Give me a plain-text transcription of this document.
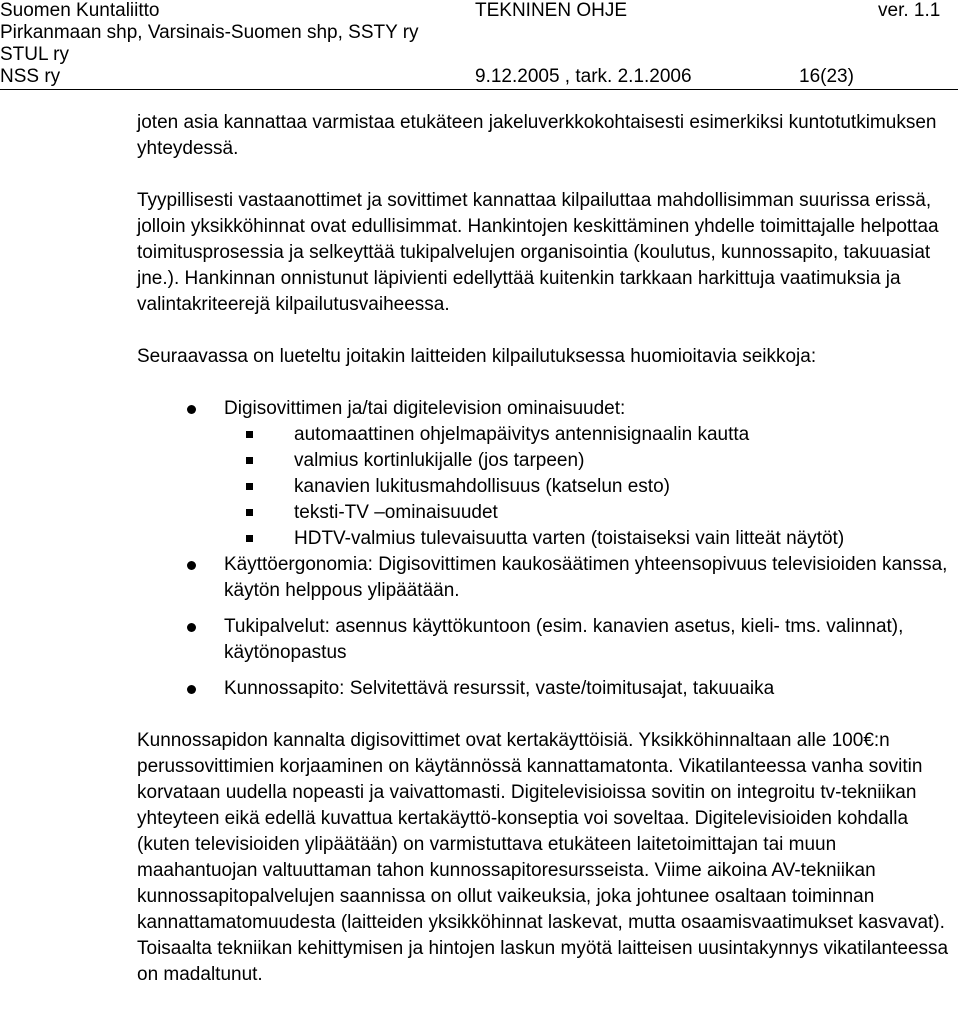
Suomen Kuntaliitto	TEKNINEN OHJE	ver. 1.1
Pirkanmaan shp, Varsinais-Suomen shp, SSTY ry
STUL ry
NSS ry	9.12.2005 , tark. 2.1.2006	16(23)

joten asia kannattaa varmistaa etukäteen jakeluverkkokohtaisesti esimerkiksi kuntotutkimuksen yhteydessä.

Tyypillisesti vastaanottimet ja sovittimet kannattaa kilpailuttaa mahdollisimman suurissa erissä, jolloin yksikköhinnat ovat edullisimmat. Hankintojen keskittäminen yhdelle toimittajalle helpottaa toimitusprosessia ja selkeyttää tukipalvelujen organisointia (koulutus, kunnossapito, takuuasiat jne.). Hankinnan onnistunut läpivienti edellyttää kuitenkin tarkkaan harkittuja vaatimuksia ja valintakriteerejä kilpailutusvaiheessa.

Seuraavassa on lueteltu joitakin laitteiden kilpailutuksessa huomioitavia seikkoja:

Digisovittimen ja/tai digitelevision ominaisuudet:
automaattinen ohjelmapäivitys antennisignaalin kautta
valmius kortinlukijalle (jos tarpeen)
kanavien lukitusmahdollisuus (katselun esto)
teksti-TV –ominaisuudet
HDTV-valmius tulevaisuutta varten (toistaiseksi vain litteät näytöt)
Käyttöergonomia: Digisovittimen kaukosäätimen yhteensopivuus televisioiden kanssa, käytön helppous ylipäätään.
Tukipalvelut: asennus käyttökuntoon (esim. kanavien asetus, kieli- tms. valinnat), käytönopastus
Kunnossapito: Selvitettävä resurssit, vaste/toimitusajat, takuuaika

Kunnossapidon kannalta digisovittimet ovat kertakäyttöisiä. Yksikköhinnaltaan alle 100€:n perussovittimien korjaaminen on käytännössä kannattamatonta. Vikatilanteessa vanha sovitin korvataan uudella nopeasti ja vaivattomasti. Digitelevisioissa sovitin on integroitu tv-tekniikan yhteyteen eikä edellä kuvattua kertakäyttö-konseptia voi soveltaa. Digitelevisioiden kohdalla (kuten televisioiden ylipäätään) on varmistuttava etukäteen laitetoimittajan tai muun maahantuojan valtuuttaman tahon kunnossapitoresursseista. Viime aikoina AV-tekniikan kunnossapitopalvelujen saannissa on ollut vaikeuksia, joka johtunee osaltaan toiminnan kannattamatomuudesta (laitteiden yksikköhinnat laskevat, mutta osaamisvaatimukset kasvavat). Toisaalta tekniikan kehittymisen ja hintojen laskun myötä laitteisen uusintakynnys vikatilanteessa on madaltunut.
